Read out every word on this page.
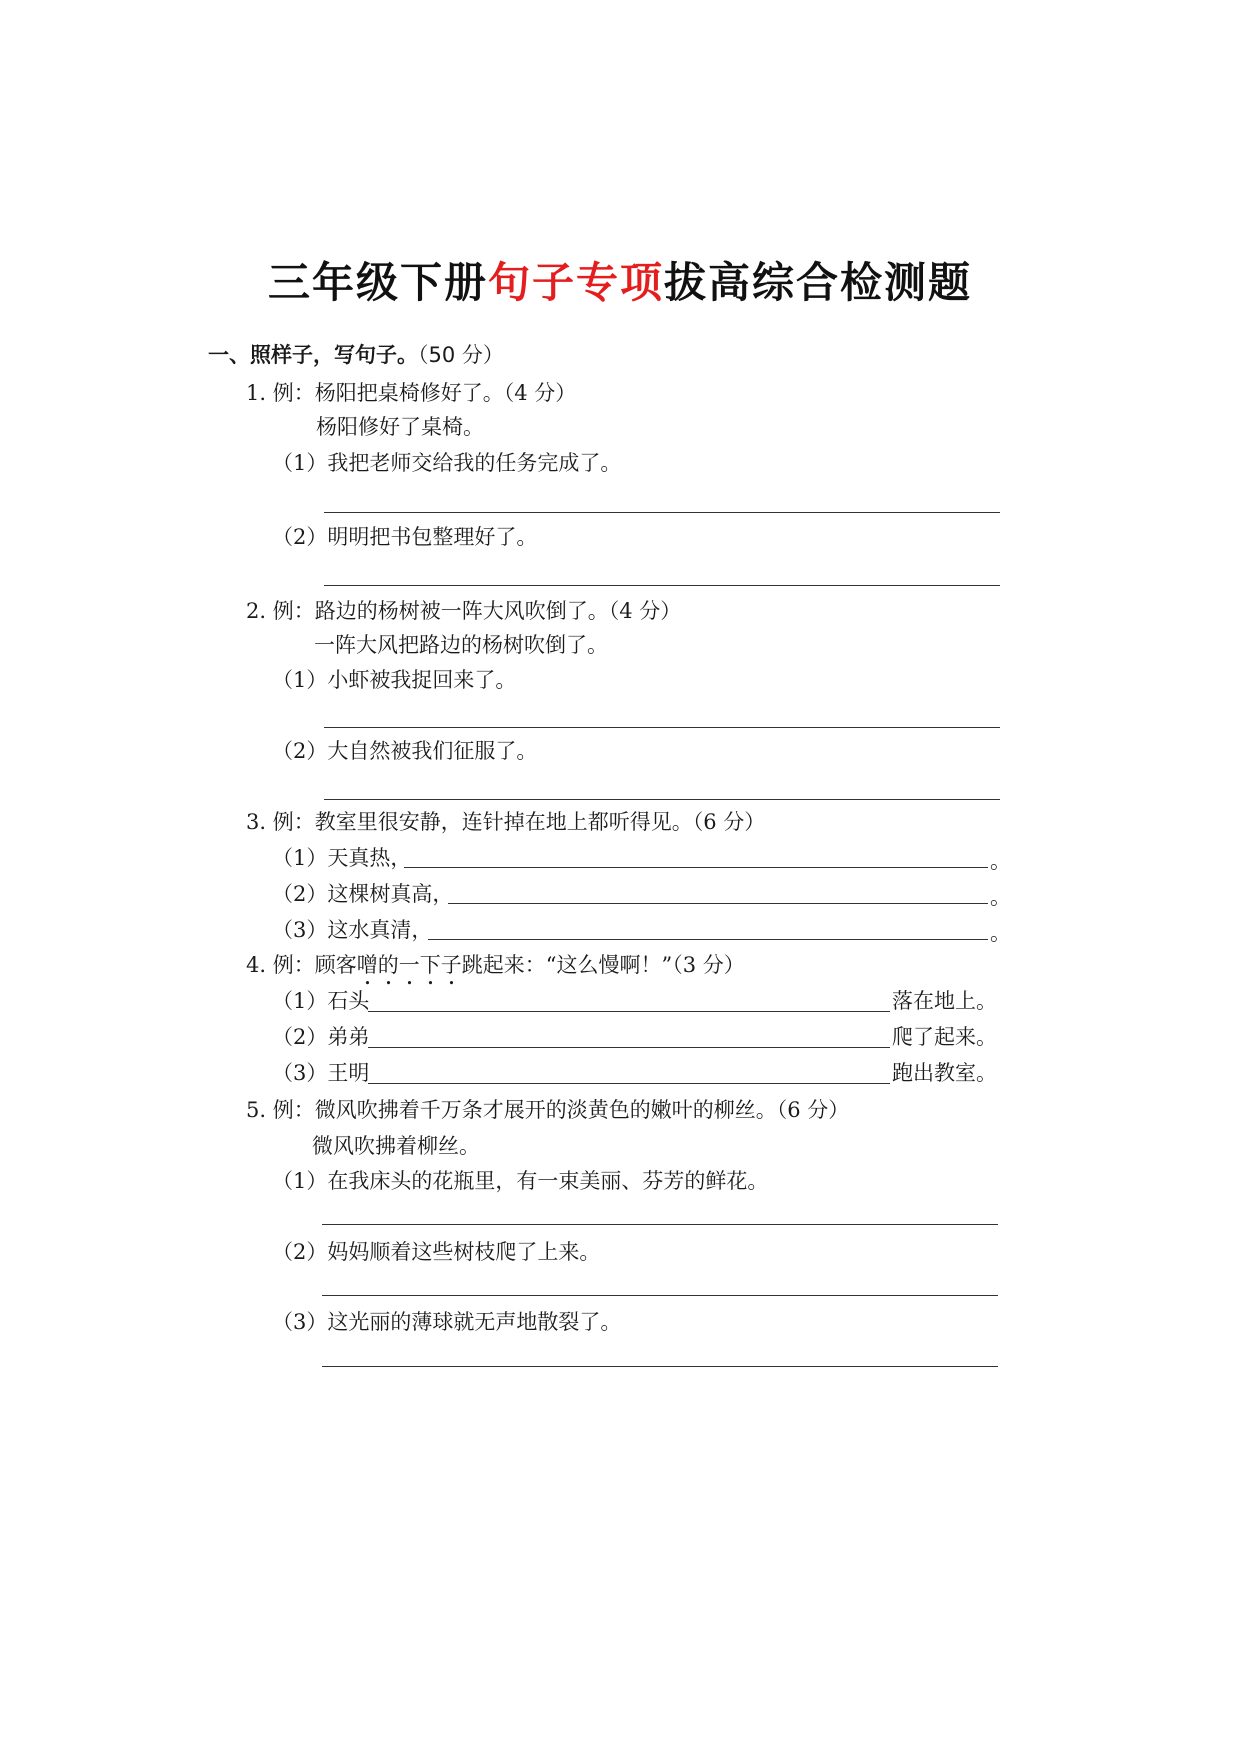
三年级下册句子专项拔高综合检测题
一、照样子，写句子。（50 分）
1. 例：杨阳把桌椅修好了。（4 分）
杨阳修好了桌椅。
（1）我把老师交给我的任务完成了。
（2）明明把书包整理好了。
2. 例：路边的杨树被一阵大风吹倒了。（4 分）
一阵大风把路边的杨树吹倒了。
（1）小虾被我捉回来了。
（2）大自然被我们征服了。
3. 例：教室里很安静，连针掉在地上都听得见。（6 分）
（1）天真热，	。
（2）这棵树真高，	。
（3）这水真清，	。
4. 例：顾客噌的一下子跳起来：“这么慢啊！”（3 分）
（1）石头	落在地上。
（2）弟弟	爬了起来。
（3）王明	跑出教室。
5. 例：微风吹拂着千万条才展开的淡黄色的嫩叶的柳丝。（6 分）
微风吹拂着柳丝。
（1）在我床头的花瓶里，有一束美丽、芬芳的鲜花。
（2）妈妈顺着这些树枝爬了上来。
（3）这光丽的薄球就无声地散裂了。
